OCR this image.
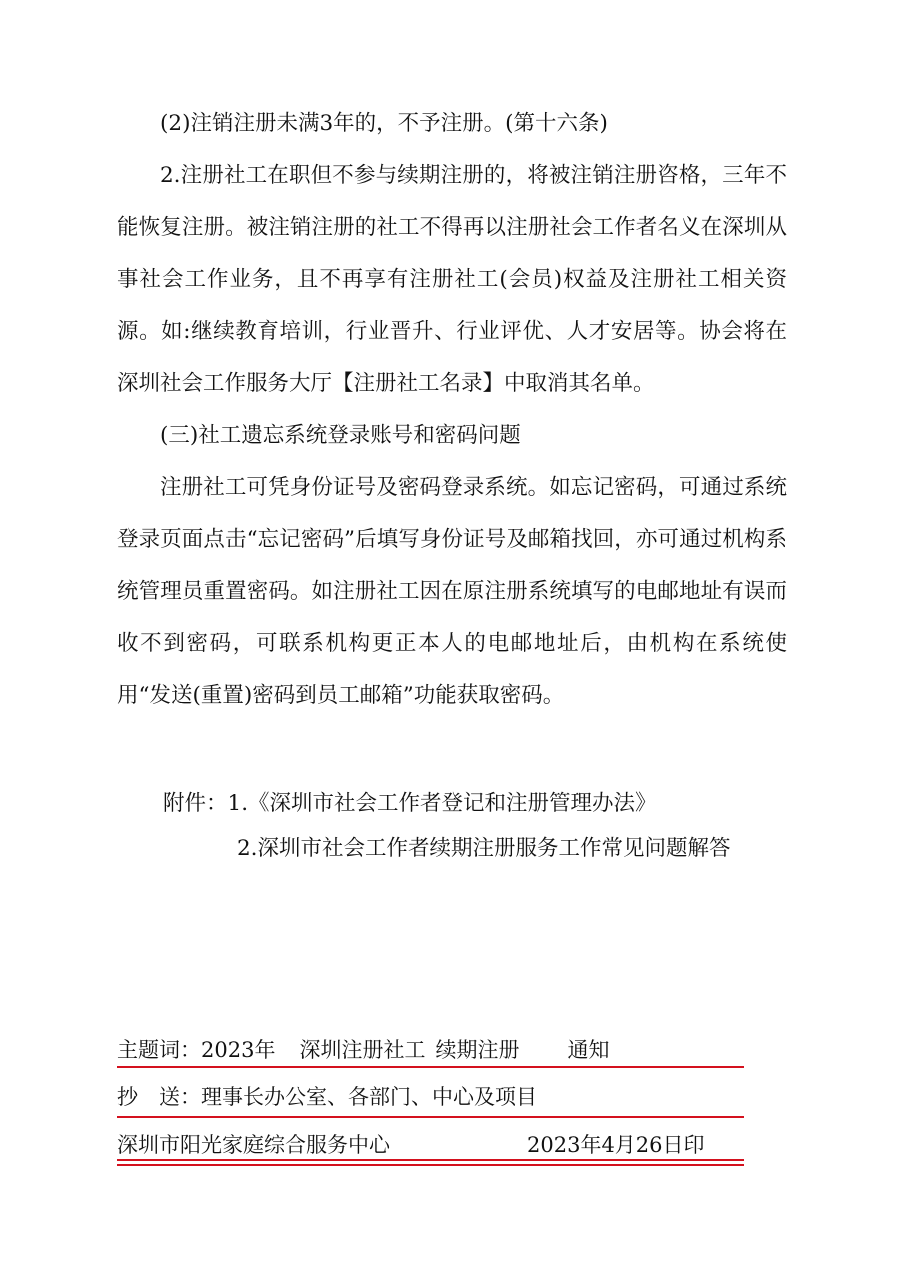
(2)注销注册未满3年的，不予注册。(第十六条)

2.注册社工在职但不参与续期注册的，将被注销注册咨格，三年不能恢复注册。被注销注册的社工不得再以注册社会工作者名义在深圳从事社会工作业务，且不再享有注册社工(会员)权益及注册社工相关资源。如:继续教育培训，行业晋升、行业评优、人才安居等。协会将在深圳社会工作服务大厅【注册社工名录】中取消其名单。

(三)社工遗忘系统登录账号和密码问题

注册社工可凭身份证号及密码登录系统。如忘记密码，可通过系统登录页面点击“忘记密码”后填写身份证号及邮箱找回，亦可通过机构系统管理员重置密码。如注册社工因在原注册系统填写的电邮地址有误而收不到密码，可联系机构更正本人的电邮地址后，由机构在系统使用“发送(重置)密码到员工邮箱”功能获取密码。

附件：1.《深圳市社会工作者登记和注册管理办法》

2.深圳市社会工作者续期注册服务工作常见问题解答

主题词：2023年 深圳注册社工 续期注册 通知
抄　送：理事长办公室、各部门、中心及项目
深圳市阳光家庭综合服务中心	2023年4月26日印
